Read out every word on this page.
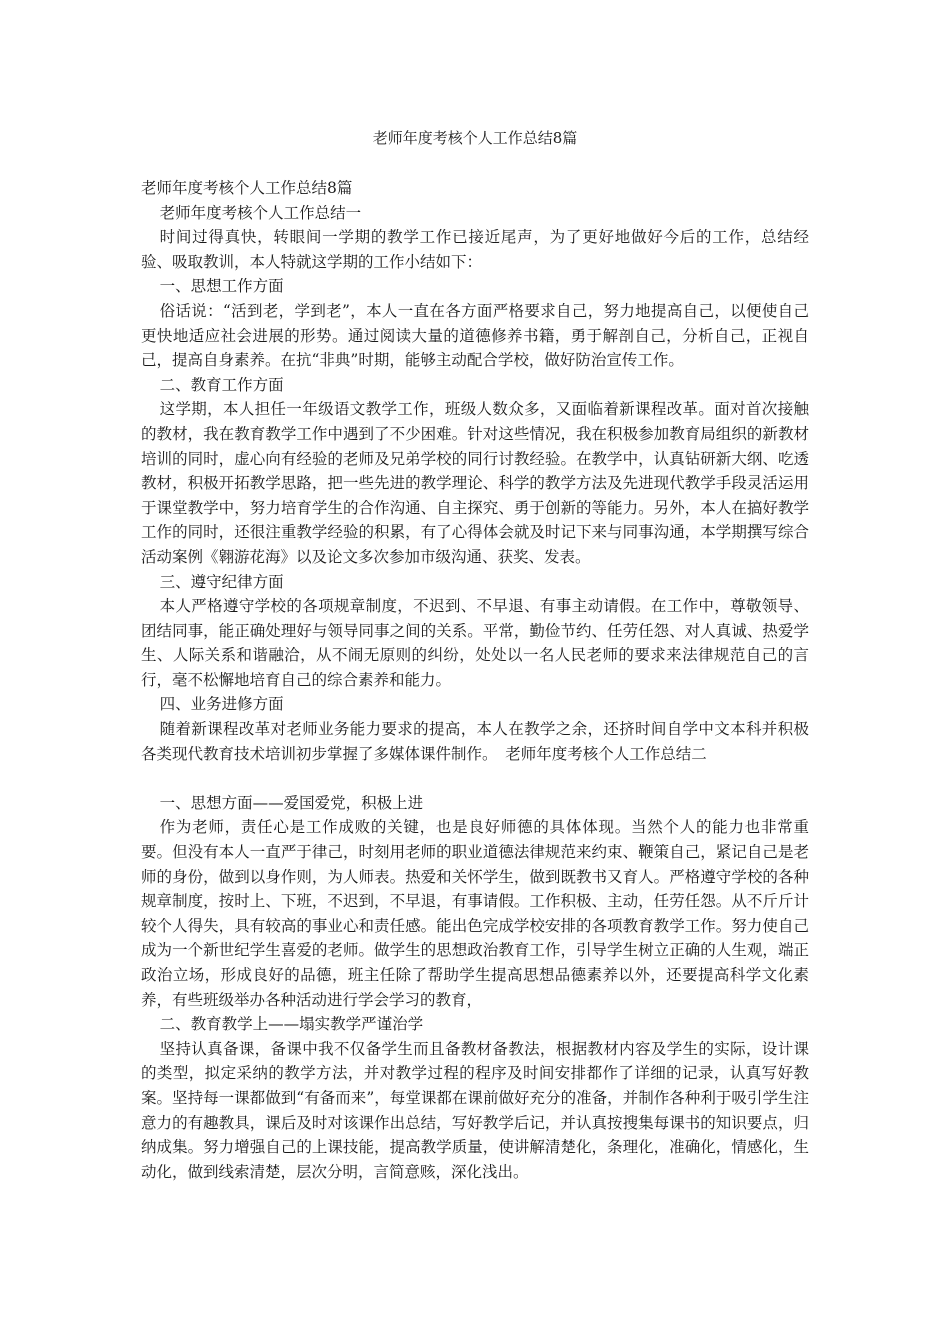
老师年度考核个人工作总结8篇

老师年度考核个人工作总结8篇

老师年度考核个人工作总结一

时间过得真快，转眼间一学期的教学工作已接近尾声，为了更好地做好今后的工作，总结经验、吸取教训，本人特就这学期的工作小结如下：

一、思想工作方面

俗话说：“活到老，学到老”，本人一直在各方面严格要求自己，努力地提高自己，以便使自己更快地适应社会进展的形势。通过阅读大量的道德修养书籍，勇于解剖自己，分析自己，正视自己，提高自身素养。在抗“非典”时期，能够主动配合学校，做好防治宣传工作。

二、教育工作方面

这学期，本人担任一年级语文教学工作，班级人数众多，又面临着新课程改革。面对首次接触的教材，我在教育教学工作中遇到了不少困难。针对这些情况，我在积极参加教育局组织的新教材培训的同时，虚心向有经验的老师及兄弟学校的同行讨教经验。在教学中，认真钻研新大纲、吃透教材，积极开拓教学思路，把一些先进的教学理论、科学的教学方法及先进现代教学手段灵活运用于课堂教学中，努力培育学生的合作沟通、自主探究、勇于创新的等能力。另外，本人在搞好教学工作的同时，还很注重教学经验的积累，有了心得体会就及时记下来与同事沟通，本学期撰写综合活动案例《翱游花海》以及论文多次参加市级沟通、获奖、发表。

三、遵守纪律方面

本人严格遵守学校的各项规章制度，不迟到、不早退、有事主动请假。在工作中，尊敬领导、团结同事，能正确处理好与领导同事之间的关系。平常，勤俭节约、任劳任怨、对人真诚、热爱学生、人际关系和谐融洽，从不闹无原则的纠纷，处处以一名人民老师的要求来法律规范自己的言行，毫不松懈地培育自己的综合素养和能力。

四、业务进修方面

随着新课程改革对老师业务能力要求的提高，本人在教学之余，还挤时间自学中文本科并积极各类现代教育技术培训初步掌握了多媒体课件制作。　老师年度考核个人工作总结二

一、思想方面——爱国爱党，积极上进

作为老师，责任心是工作成败的关键，也是良好师德的具体体现。当然个人的能力也非常重要。但没有本人一直严于律己，时刻用老师的职业道德法律规范来约束、鞭策自己，紧记自己是老师的身份，做到以身作则，为人师表。热爱和关怀学生，做到既教书又育人。严格遵守学校的各种规章制度，按时上、下班，不迟到，不早退，有事请假。工作积极、主动，任劳任怨。从不斤斤计较个人得失，具有较高的事业心和责任感。能出色完成学校安排的各项教育教学工作。努力使自己成为一个新世纪学生喜爱的老师。做学生的思想政治教育工作，引导学生树立正确的人生观，端正政治立场，形成良好的品德，班主任除了帮助学生提高思想品德素养以外，还要提高科学文化素养，有些班级举办各种活动进行学会学习的教育，

二、教育教学上——塌实教学严谨治学

坚持认真备课，备课中我不仅备学生而且备教材备教法，根据教材内容及学生的实际，设计课的类型，拟定采纳的教学方法，并对教学过程的程序及时间安排都作了详细的记录，认真写好教案。坚持每一课都做到“有备而来”，每堂课都在课前做好充分的准备，并制作各种利于吸引学生注意力的有趣教具，课后及时对该课作出总结，写好教学后记，并认真按搜集每课书的知识要点，归纳成集。努力增强自己的上课技能，提高教学质量，使讲解清楚化，条理化，准确化，情感化，生动化，做到线索清楚，层次分明，言简意赅，深化浅出。
